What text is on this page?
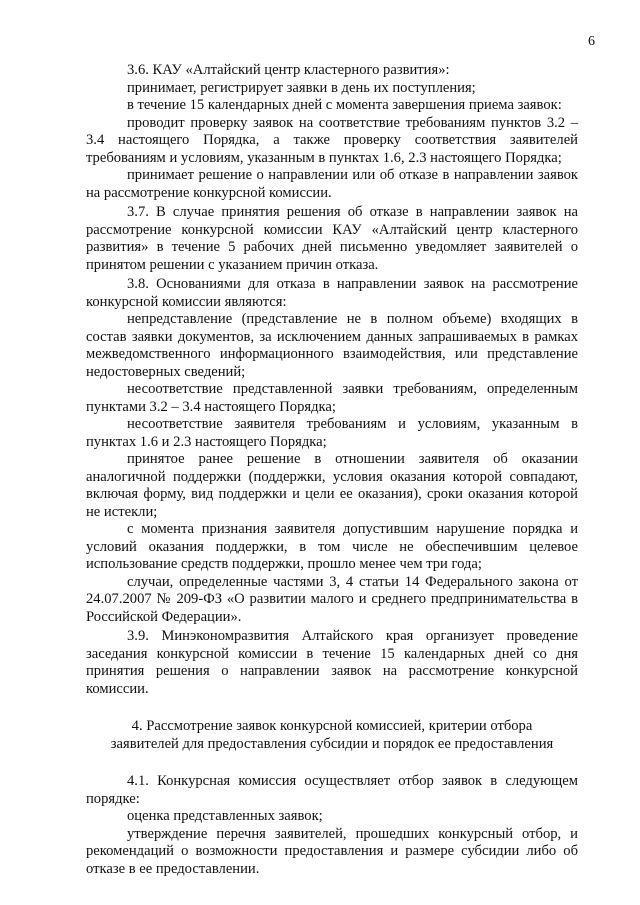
6

3.6. КАУ «Алтайский центр кластерного развития»:

принимает, регистрирует заявки в день их поступления;

в течение 15 календарных дней с момента завершения приема заявок:

проводит проверку заявок на соответствие требованиям пунктов 3.2 – 3.4 настоящего Порядка, а также проверку соответствия заявителей требованиям и условиям, указанным в пунктах 1.6, 2.3 настоящего Порядка;

принимает решение о направлении или об отказе в направлении заявок на рассмотрение конкурсной комиссии.

3.7. В случае принятия решения об отказе в направлении заявок на рассмотрение конкурсной комиссии КАУ «Алтайский центр кластерного развития» в течение 5 рабочих дней письменно уведомляет заявителей о принятом решении с указанием причин отказа.

3.8. Основаниями для отказа в направлении заявок на рассмотрение конкурсной комиссии являются:

непредставление (представление не в полном объеме) входящих в состав заявки документов, за исключением данных запрашиваемых в рамках межведомственного информационного взаимодействия, или представление недостоверных сведений;

несоответствие представленной заявки требованиям, определенным пунктами 3.2 – 3.4 настоящего Порядка;

несоответствие заявителя требованиям и условиям, указанным в пунктах 1.6 и 2.3 настоящего Порядка;

принятое ранее решение в отношении заявителя об оказании аналогичной поддержки (поддержки, условия оказания которой совпадают, включая форму, вид поддержки и цели ее оказания), сроки оказания которой не истекли;

с момента признания заявителя допустившим нарушение порядка и условий оказания поддержки, в том числе не обеспечившим целевое использование средств поддержки, прошло менее чем три года;

случаи, определенные частями 3, 4 статьи 14 Федерального закона от 24.07.2007 № 209-ФЗ «О развитии малого и среднего предпринимательства в Российской Федерации».

3.9. Минэкономразвития Алтайского края организует проведение заседания конкурсной комиссии в течение 15 календарных дней со дня принятия решения о направлении заявок на рассмотрение конкурсной комиссии.

4. Рассмотрение заявок конкурсной комиссией, критерии отбора
заявителей для предоставления субсидии и порядок ее предоставления

4.1. Конкурсная комиссия осуществляет отбор заявок в следующем порядке:

оценка представленных заявок;

утверждение перечня заявителей, прошедших конкурсный отбор, и рекомендаций о возможности предоставления и размере субсидии либо об отказе в ее предоставлении.
